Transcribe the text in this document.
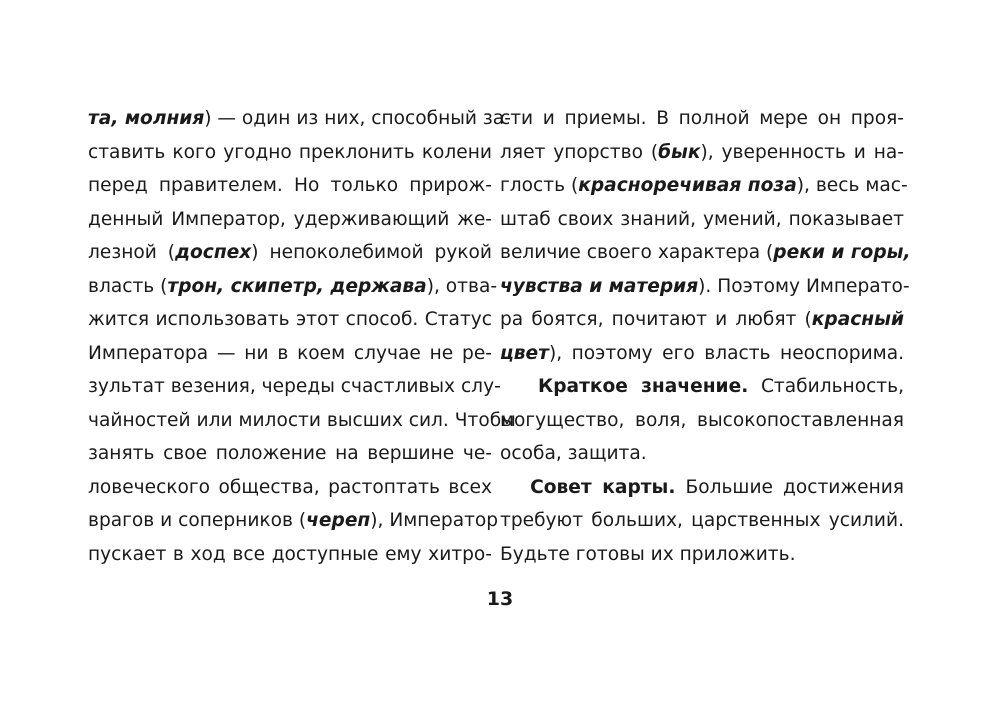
та, молния) — один из них, способный за-
ставить кого угодно преклонить колени
перед правителем. Но только прирож-
денный Император, удерживающий же-
лезной (доспех) непоколебимой рукой
власть (трон, скипетр, держава), отва-
жится использовать этот способ. Статус
Императора — ни в коем случае не ре-
зультат везения, череды счастливых слу-
чайностей или милости высших сил. Чтобы
занять свое положение на вершине че-
ловеческого общества, растоптать всех
врагов и соперников (череп), Император
пускает в ход все доступные ему хитро-
сти и приемы. В полной мере он проя-
ляет упорство (бык), уверенность и на-
глость (красноречивая поза), весь мас-
штаб своих знаний, умений, показывает
величие своего характера (реки и горы,
чувства и материя). Поэтому Императо-
ра боятся, почитают и любят (красный
цвет), поэтому его власть неоспорима.
Краткое значение. Стабильность,
могущество, воля, высокопоставленная
особа, защита.
Совет карты. Большие достижения
требуют больших, царственных усилий.
Будьте готовы их приложить.
13
